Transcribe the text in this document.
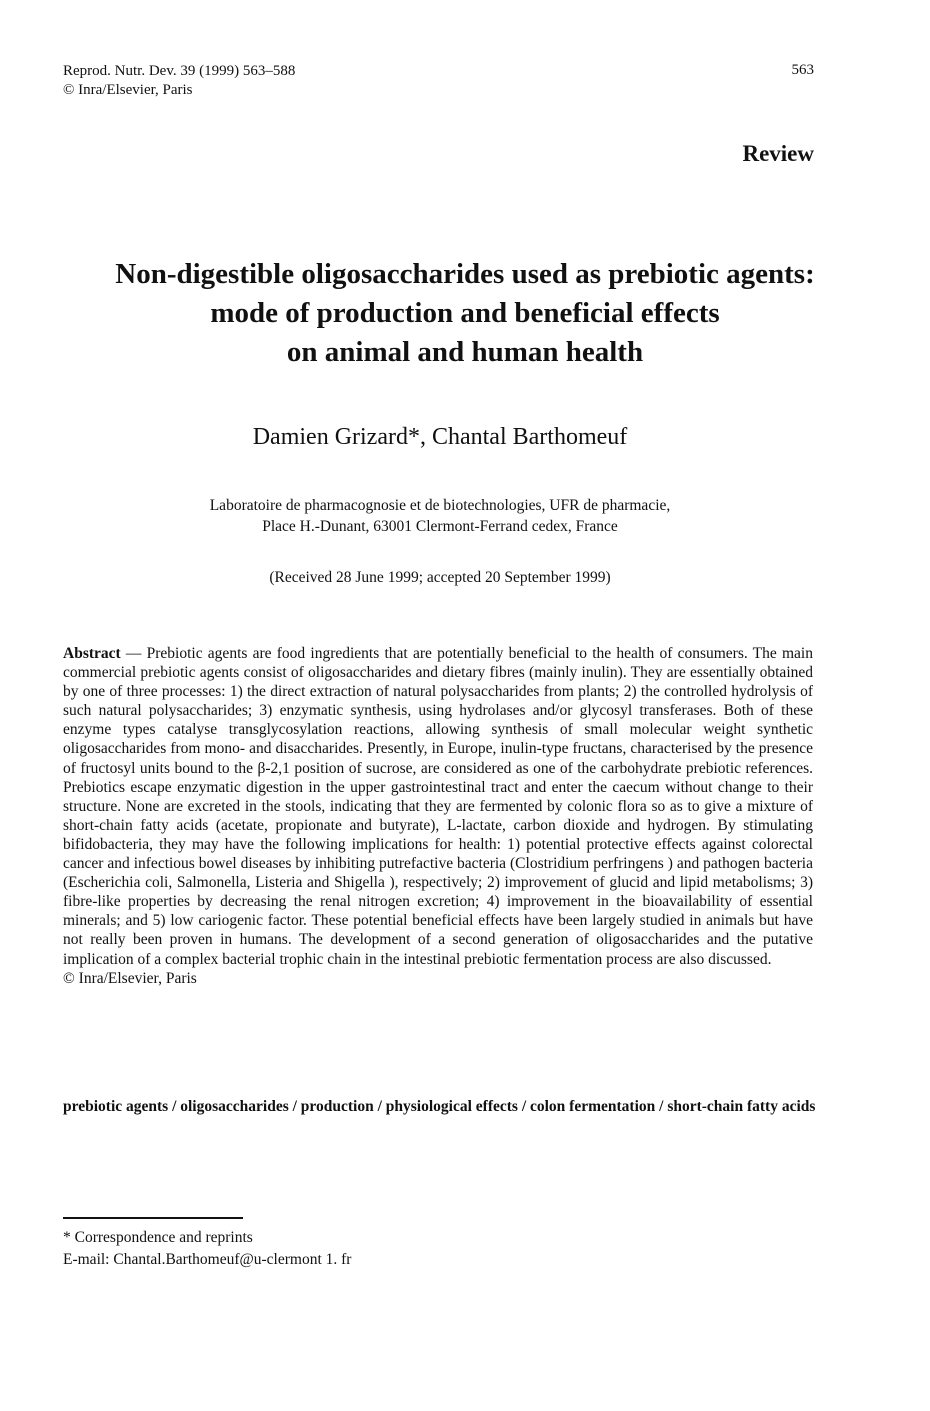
Reprod. Nutr. Dev. 39 (1999) 563–588
© Inra/Elsevier, Paris
563
Review
Non-digestible oligosaccharides used as prebiotic agents:
mode of production and beneficial effects
on animal and human health
Damien Grizard*, Chantal Barthomeuf
Laboratoire de pharmacognosie et de biotechnologies, UFR de pharmacie,
Place H.-Dunant, 63001 Clermont-Ferrand cedex, France
(Received 28 June 1999; accepted 20 September 1999)
Abstract — Prebiotic agents are food ingredients that are potentially beneficial to the health of consumers. The main commercial prebiotic agents consist of oligosaccharides and dietary fibres (mainly inulin). They are essentially obtained by one of three processes: 1) the direct extraction of natural polysaccharides from plants; 2) the controlled hydrolysis of such natural polysaccharides; 3) enzymatic synthesis, using hydrolases and/or glycosyl transferases. Both of these enzyme types catalyse transglycosylation reactions, allowing synthesis of small molecular weight synthetic oligosaccharides from mono- and disaccharides. Presently, in Europe, inulin-type fructans, characterised by the presence of fructosyl units bound to the β-2,1 position of sucrose, are considered as one of the carbohydrate prebiotic references. Prebiotics escape enzymatic digestion in the upper gastrointestinal tract and enter the caecum without change to their structure. None are excreted in the stools, indicating that they are fermented by colonic flora so as to give a mixture of short-chain fatty acids (acetate, propionate and butyrate), L-lactate, carbon dioxide and hydrogen. By stimulating bifidobacteria, they may have the following implications for health: 1) potential protective effects against colorectal cancer and infectious bowel diseases by inhibiting putrefactive bacteria (Clostridium perfringens ) and pathogen bacteria (Escherichia coli, Salmonella, Listeria and Shigella ), respectively; 2) improvement of glucid and lipid metabolisms; 3) fibre-like properties by decreasing the renal nitrogen excretion; 4) improvement in the bioavailability of essential minerals; and 5) low cariogenic factor. These potential beneficial effects have been largely studied in animals but have not really been proven in humans. The development of a second generation of oligosaccharides and the putative implication of a complex bacterial trophic chain in the intestinal prebiotic fermentation process are also discussed.
© Inra/Elsevier, Paris
prebiotic agents / oligosaccharides / production / physiological effects / colon fermentation / short-chain fatty acids
* Correspondence and reprints
E-mail: Chantal.Barthomeuf@u-clermont 1. fr
